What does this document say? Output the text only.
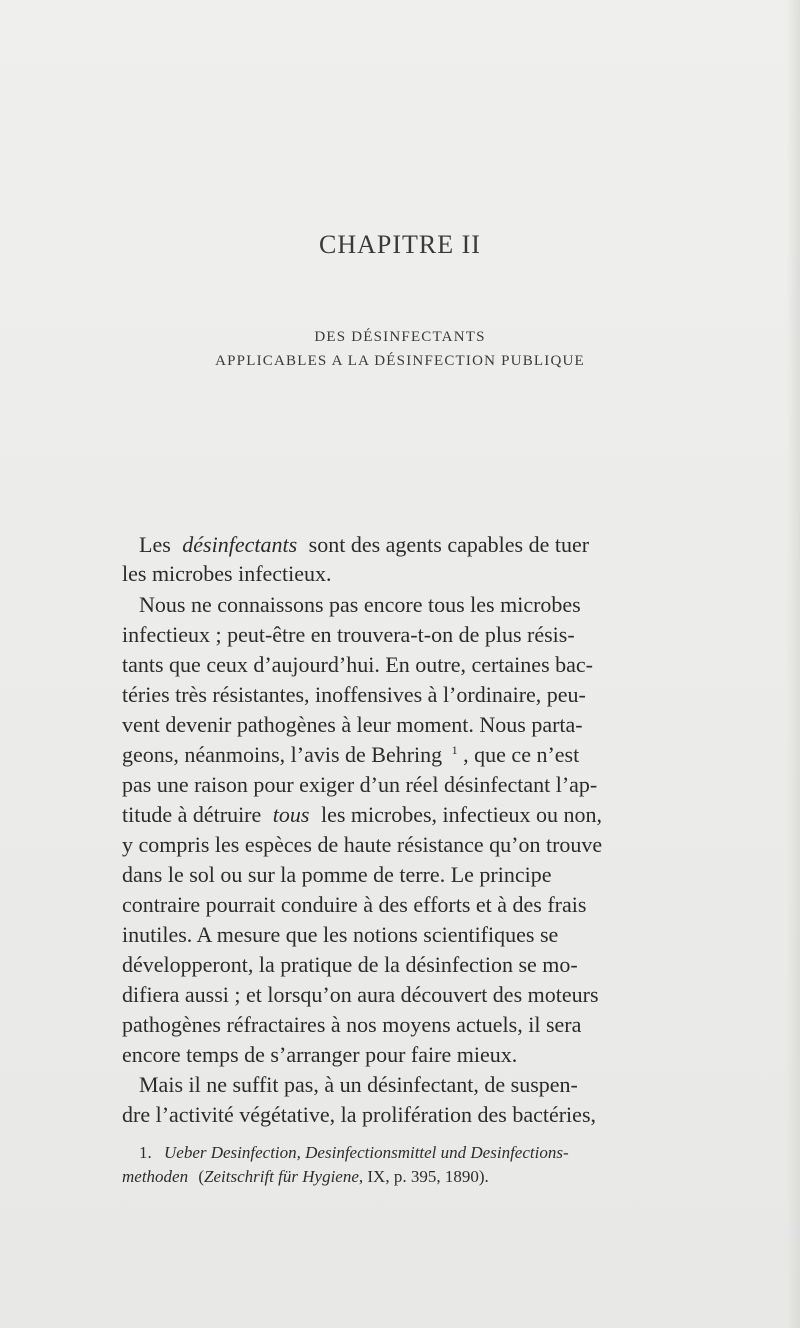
CHAPITRE II
DES DÉSINFECTANTS
APPLICABLES A LA DÉSINFECTION PUBLIQUE
Les désinfectants sont des agents capables de tuer
les microbes infectieux.
Nous ne connaissons pas encore tous les microbes
infectieux ; peut-être en trouvera-t-on de plus résis-
tants que ceux d’aujourd’hui. En outre, certaines bac-
téries très résistantes, inoffensives à l’ordinaire, peu-
vent devenir pathogènes à leur moment. Nous parta-
geons, néanmoins, l’avis de Behring 1 , que ce n’est
pas une raison pour exiger d’un réel désinfectant l’ap-
titude à détruire tous les microbes, infectieux ou non,
y compris les espèces de haute résistance qu’on trouve
dans le sol ou sur la pomme de terre. Le principe
contraire pourrait conduire à des efforts et à des frais
inutiles. A mesure que les notions scientifiques se
développeront, la pratique de la désinfection se mo-
difiera aussi ; et lorsqu’on aura découvert des moteurs
pathogènes réfractaires à nos moyens actuels, il sera
encore temps de s’arranger pour faire mieux.
Mais il ne suffit pas, à un désinfectant, de suspen-
dre l’activité végétative, la prolifération des bactéries,
1. Ueber Desinfection, Desinfectionsmittel und Desinfections-
methoden (Zeitschrift für Hygiene, IX, p. 395, 1890).
